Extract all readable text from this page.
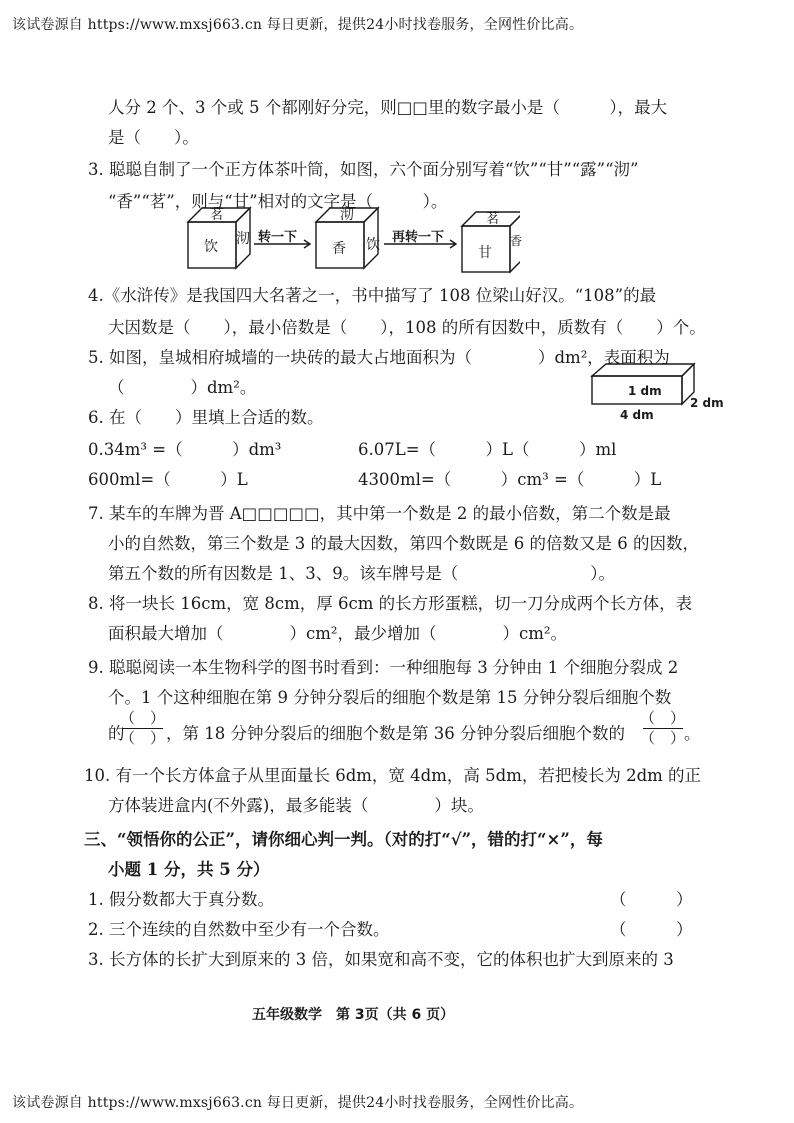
该试卷源自 https://www.mxsj663.cn 每日更新，提供24小时找卷服务，全网性价比高。
人分 2 个、3 个或 5 个都刚好分完，则□□里的数字最小是（　　　），最大
是（　　）。
3. 聪聪自制了一个正方体茶叶筒，如图，六个面分别写着“饮”“甘”“露”“沏”
“香”“茗”，则与“甘”相对的文字是（　　　）。
茗
饮 沏 转一下
沏
香 饮 再转一下
茗
甘
香
4.《水浒传》是我国四大名著之一，书中描写了 108 位梁山好汉。“108”的最
大因数是（　　），最小倍数是（　　），108 的所有因数中，质数有（　　）个。
5. 如图，皇城相府城墙的一块砖的最大占地面积为（　　　　）dm²，表面积为
（　　　　）dm²。	1 dm
2 dm
4 dm
6. 在（　　）里填上合适的数。
0.34m³ =（　　　）dm³	6.07L=（　　　）L（　　　）ml
600ml=（　　　）L	4300ml=（　　　）cm³ =（　　　）L
7. 某车的车牌为晋 A□□□□□，其中第一个数是 2 的最小倍数，第二个数是最
小的自然数，第三个数是 3 的最大因数，第四个数既是 6 的倍数又是 6 的因数，
第五个数的所有因数是 1、3、9。该车牌号是（　　　　　　　　）。
8. 将一块长 16cm，宽 8cm，厚 6cm 的长方形蛋糕，切一刀分成两个长方体，表
面积最大增加（　　　　）cm²，最少增加（　　　　）cm²。
9. 聪聪阅读一本生物科学的图书时看到：一种细胞每 3 分钟由 1 个细胞分裂成 2
个。1 个这种细胞在第 9 分钟分裂后的细胞个数是第 15 分钟分裂后细胞个数
的
（　）
（　） ，第 18 分钟分裂后的细胞个数是第 36 分钟分裂后细胞个数的
（　）
（　）
。
10. 有一个长方体盒子从里面量长 6dm，宽 4dm，高 5dm，若把棱长为 2dm 的正
方体装进盒内(不外露)，最多能装（　　　　）块。
三、“领悟你的公正”，请你细心判一判。（对的打“√”，错的打“×”，每
小题 1 分，共 5 分）
1. 假分数都大于真分数。	（　　　）
2. 三个连续的自然数中至少有一个合数。	（　　　）
3. 长方体的长扩大到原来的 3 倍，如果宽和高不变，它的体积也扩大到原来的 3
五年级数学　第 3页（共 6 页）
该试卷源自 https://www.mxsj663.cn 每日更新，提供24小时找卷服务，全网性价比高。
